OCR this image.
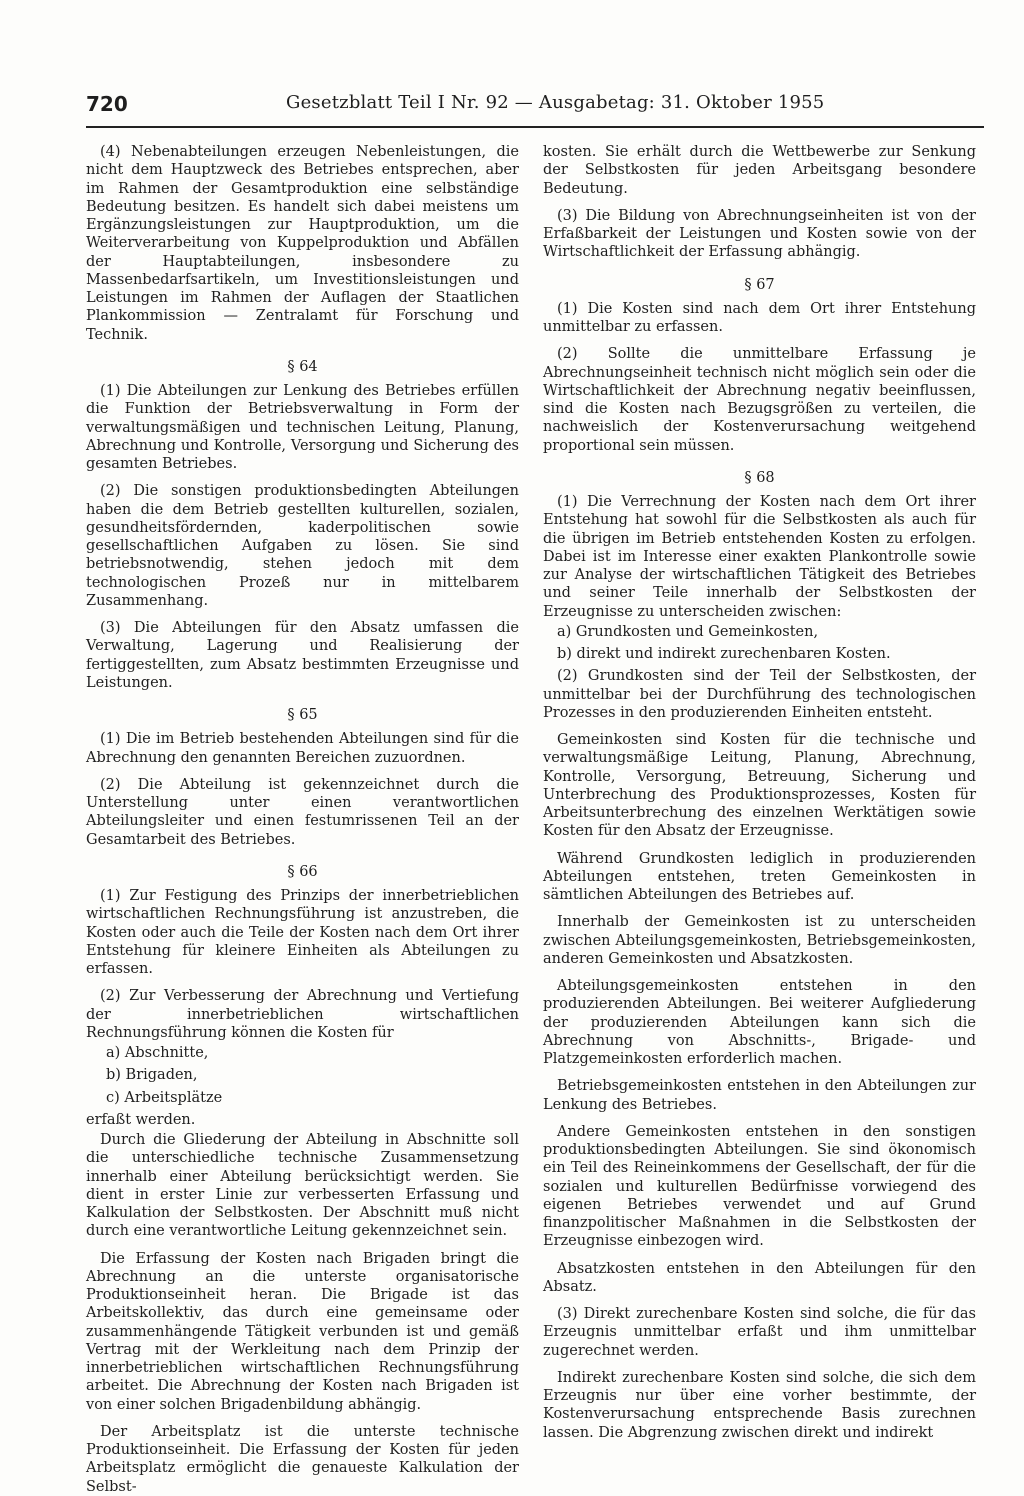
720	Gesetzblatt Teil I Nr. 92 — Ausgabetag: 31. Oktober 1955

(4) Nebenabteilungen erzeugen Nebenleistungen, die nicht dem Hauptzweck des Betriebes entsprechen, aber im Rahmen der Gesamtproduktion eine selbständige Bedeutung besitzen. Es handelt sich dabei meistens um Ergänzungsleistungen zur Hauptproduktion, um die Weiterverarbeitung von Kuppelproduktion und Abfällen der Hauptabteilungen, insbesondere zu Massenbedarfsartikeln, um Investitionsleistungen und Leistungen im Rahmen der Auflagen der Staatlichen Plankommission — Zentralamt für Forschung und Technik.

§ 64

(1) Die Abteilungen zur Lenkung des Betriebes erfüllen die Funktion der Betriebsverwaltung in Form der verwaltungsmäßigen und technischen Leitung, Planung, Abrechnung und Kontrolle, Versorgung und Sicherung des gesamten Betriebes.

(2) Die sonstigen produktionsbedingten Abteilungen haben die dem Betrieb gestellten kulturellen, sozialen, gesundheitsfördernden, kaderpolitischen sowie gesellschaftlichen Aufgaben zu lösen. Sie sind betriebsnotwendig, stehen jedoch mit dem technologischen Prozeß nur in mittelbarem Zusammenhang.

(3) Die Abteilungen für den Absatz umfassen die Verwaltung, Lagerung und Realisierung der fertiggestellten, zum Absatz bestimmten Erzeugnisse und Leistungen.

§ 65

(1) Die im Betrieb bestehenden Abteilungen sind für die Abrechnung den genannten Bereichen zuzuordnen.

(2) Die Abteilung ist gekennzeichnet durch die Unterstellung unter einen verantwortlichen Abteilungsleiter und einen festumrissenen Teil an der Gesamtarbeit des Betriebes.

§ 66

(1) Zur Festigung des Prinzips der innerbetrieblichen wirtschaftlichen Rechnungsführung ist anzustreben, die Kosten oder auch die Teile der Kosten nach dem Ort ihrer Entstehung für kleinere Einheiten als Abteilungen zu erfassen.

(2) Zur Verbesserung der Abrechnung und Vertiefung der innerbetrieblichen wirtschaftlichen Rechnungsführung können die Kosten für

a) Abschnitte,
b) Brigaden,
c) Arbeitsplätze

erfaßt werden.

Durch die Gliederung der Abteilung in Abschnitte soll die unterschiedliche technische Zusammensetzung innerhalb einer Abteilung berücksichtigt werden. Sie dient in erster Linie zur verbesserten Erfassung und Kalkulation der Selbstkosten. Der Abschnitt muß nicht durch eine verantwortliche Leitung gekennzeichnet sein.

Die Erfassung der Kosten nach Brigaden bringt die Abrechnung an die unterste organisatorische Produktionseinheit heran. Die Brigade ist das Arbeitskollektiv, das durch eine gemeinsame oder zusammenhängende Tätigkeit verbunden ist und gemäß Vertrag mit der Werkleitung nach dem Prinzip der innerbetrieblichen wirtschaftlichen Rechnungsführung arbeitet. Die Abrechnung der Kosten nach Brigaden ist von einer solchen Brigadenbildung abhängig.

Der Arbeitsplatz ist die unterste technische Produktionseinheit. Die Erfassung der Kosten für jeden Arbeitsplatz ermöglicht die genaueste Kalkulation der Selbst-

kosten. Sie erhält durch die Wettbewerbe zur Senkung der Selbstkosten für jeden Arbeitsgang besondere Bedeutung.

(3) Die Bildung von Abrechnungseinheiten ist von der Erfaßbarkeit der Leistungen und Kosten sowie von der Wirtschaftlichkeit der Erfassung abhängig.

§ 67

(1) Die Kosten sind nach dem Ort ihrer Entstehung unmittelbar zu erfassen.

(2) Sollte die unmittelbare Erfassung je Abrechnungseinheit technisch nicht möglich sein oder die Wirtschaftlichkeit der Abrechnung negativ beeinflussen, sind die Kosten nach Bezugsgrößen zu verteilen, die nachweislich der Kostenverursachung weitgehend proportional sein müssen.

§ 68

(1) Die Verrechnung der Kosten nach dem Ort ihrer Entstehung hat sowohl für die Selbstkosten als auch für die übrigen im Betrieb entstehenden Kosten zu erfolgen. Dabei ist im Interesse einer exakten Plankontrolle sowie zur Analyse der wirtschaftlichen Tätigkeit des Betriebes und seiner Teile innerhalb der Selbstkosten der Erzeugnisse zu unterscheiden zwischen:

a) Grundkosten und Gemeinkosten,
b) direkt und indirekt zurechenbaren Kosten.

(2) Grundkosten sind der Teil der Selbstkosten, der unmittelbar bei der Durchführung des technologischen Prozesses in den produzierenden Einheiten entsteht.

Gemeinkosten sind Kosten für die technische und verwaltungsmäßige Leitung, Planung, Abrechnung, Kontrolle, Versorgung, Betreuung, Sicherung und Unterbrechung des Produktionsprozesses, Kosten für Arbeitsunterbrechung des einzelnen Werktätigen sowie Kosten für den Absatz der Erzeugnisse.

Während Grundkosten lediglich in produzierenden Abteilungen entstehen, treten Gemeinkosten in sämtlichen Abteilungen des Betriebes auf.

Innerhalb der Gemeinkosten ist zu unterscheiden zwischen Abteilungsgemeinkosten, Betriebsgemeinkosten, anderen Gemeinkosten und Absatzkosten.

Abteilungsgemeinkosten entstehen in den produzierenden Abteilungen. Bei weiterer Aufgliederung der produzierenden Abteilungen kann sich die Abrechnung von Abschnitts-, Brigade- und Platzgemeinkosten erforderlich machen.

Betriebsgemeinkosten entstehen in den Abteilungen zur Lenkung des Betriebes.

Andere Gemeinkosten entstehen in den sonstigen produktionsbedingten Abteilungen. Sie sind ökonomisch ein Teil des Reineinkommens der Gesellschaft, der für die sozialen und kulturellen Bedürfnisse vorwiegend des eigenen Betriebes verwendet und auf Grund finanzpolitischer Maßnahmen in die Selbstkosten der Erzeugnisse einbezogen wird.

Absatzkosten entstehen in den Abteilungen für den Absatz.

(3) Direkt zurechenbare Kosten sind solche, die für das Erzeugnis unmittelbar erfaßt und ihm unmittelbar zugerechnet werden.

Indirekt zurechenbare Kosten sind solche, die sich dem Erzeugnis nur über eine vorher bestimmte, der Kostenverursachung entsprechende Basis zurechnen lassen. Die Abgrenzung zwischen direkt und indirekt
